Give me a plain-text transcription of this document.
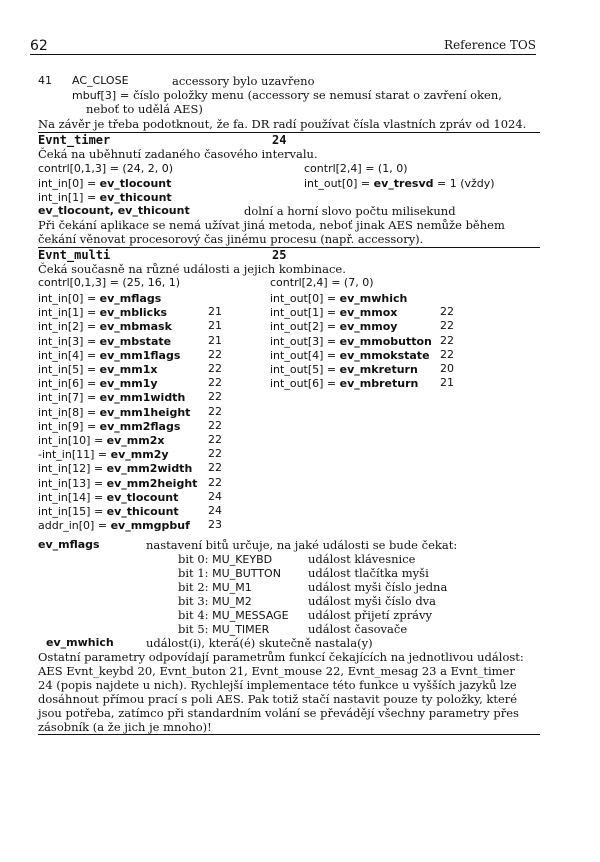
62	Reference TOS
41 AC_CLOSE	accessory bylo uzavřeno
mbuf[3] = číslo položky menu (accessory se nemusí starat o zavření oken,
neboť to udělá AES)
Na závěr je třeba podotknout, že fa. DR radí používat čísla vlastních zpráv od 1024.
Evnt_timer	24
Čeká na uběhnutí zadaného časového intervalu.
contrl[0,1,3] = (24, 2, 0)	contrl[2,4] = (1, 0)
int_in[0] = ev_tlocount	int_out[0] = ev_tresvd = 1 (vždy)
int_in[1] = ev_thicount
ev_tlocount, ev_thicount	dolní a horní slovo počtu milisekund
Při čekání aplikace se nemá užívat jiná metoda, neboť jinak AES nemůže během
čekání věnovat procesorový čas jinému procesu (např. accessory).
Evnt_multi	25
Čeká současně na různé události a jejich kombinace.
contrl[0,1,3] = (25, 16, 1)	contrl[2,4] = (7, 0)
int_in[0] = ev_mflags
int_in[1] = ev_mblicks	21
int_in[2] = ev_mbmask	21
int_in[3] = ev_mbstate	21
int_in[4] = ev_mm1flags	22
int_in[5] = ev_mm1x	22
int_in[6] = ev_mm1y	22
int_in[7] = ev_mm1width 22
int_in[8] = ev_mm1height 22
int_in[9] = ev_mm2flags	22
int_in[10] = ev_mm2x	22
-int_in[11] = ev_mm2y	22
int_in[12] = ev_mm2width 22
int_in[13] = ev_mm2height 22
int_in[14] = ev_tlocount	24
int_in[15] = ev_thicount	24
addr_in[0] = ev_mmgpbuf 23
int_out[0] = ev_mwhich
int_out[1] = ev_mmox	22
int_out[2] = ev_mmoy	22
int_out[3] = ev_mmobutton 22
int_out[4] = ev_mmokstate 22
int_out[5] = ev_mkreturn 20
int_out[6] = ev_mbreturn 21
ev_mflags	nastavení bitů určuje, na jaké události se bude čekat:
bit 0: MU_KEYBD	událost klávesnice
bit 1: MU_BUTTON událost tlačítka myši
bit 2: MU_M1	událost myši číslo jedna
bit 3: MU_M2	událost myši číslo dva
bit 4: MU_MESSAGE událost přijetí zprávy
bit 5: MU_TIMER	událost časovače
ev_mwhich	událost(i), která(é) skutečně nastala(y)
Ostatní parametry odpovídají parametrům funkcí čekajících na jednotlivou událost:
AES Evnt_keybd 20, Evnt_buton 21, Evnt_mouse 22, Evnt_mesag 23 a Evnt_timer
24 (popis najdete u nich). Rychlejší implementace této funkce u vyšších jazyků lze
dosáhnout přímou prací s poli AES. Pak totiž stačí nastavit pouze ty položky, které
jsou potřeba, zatímco při standardním volání se převádějí všechny parametry přes
zásobník (a že jich je mnoho)!
